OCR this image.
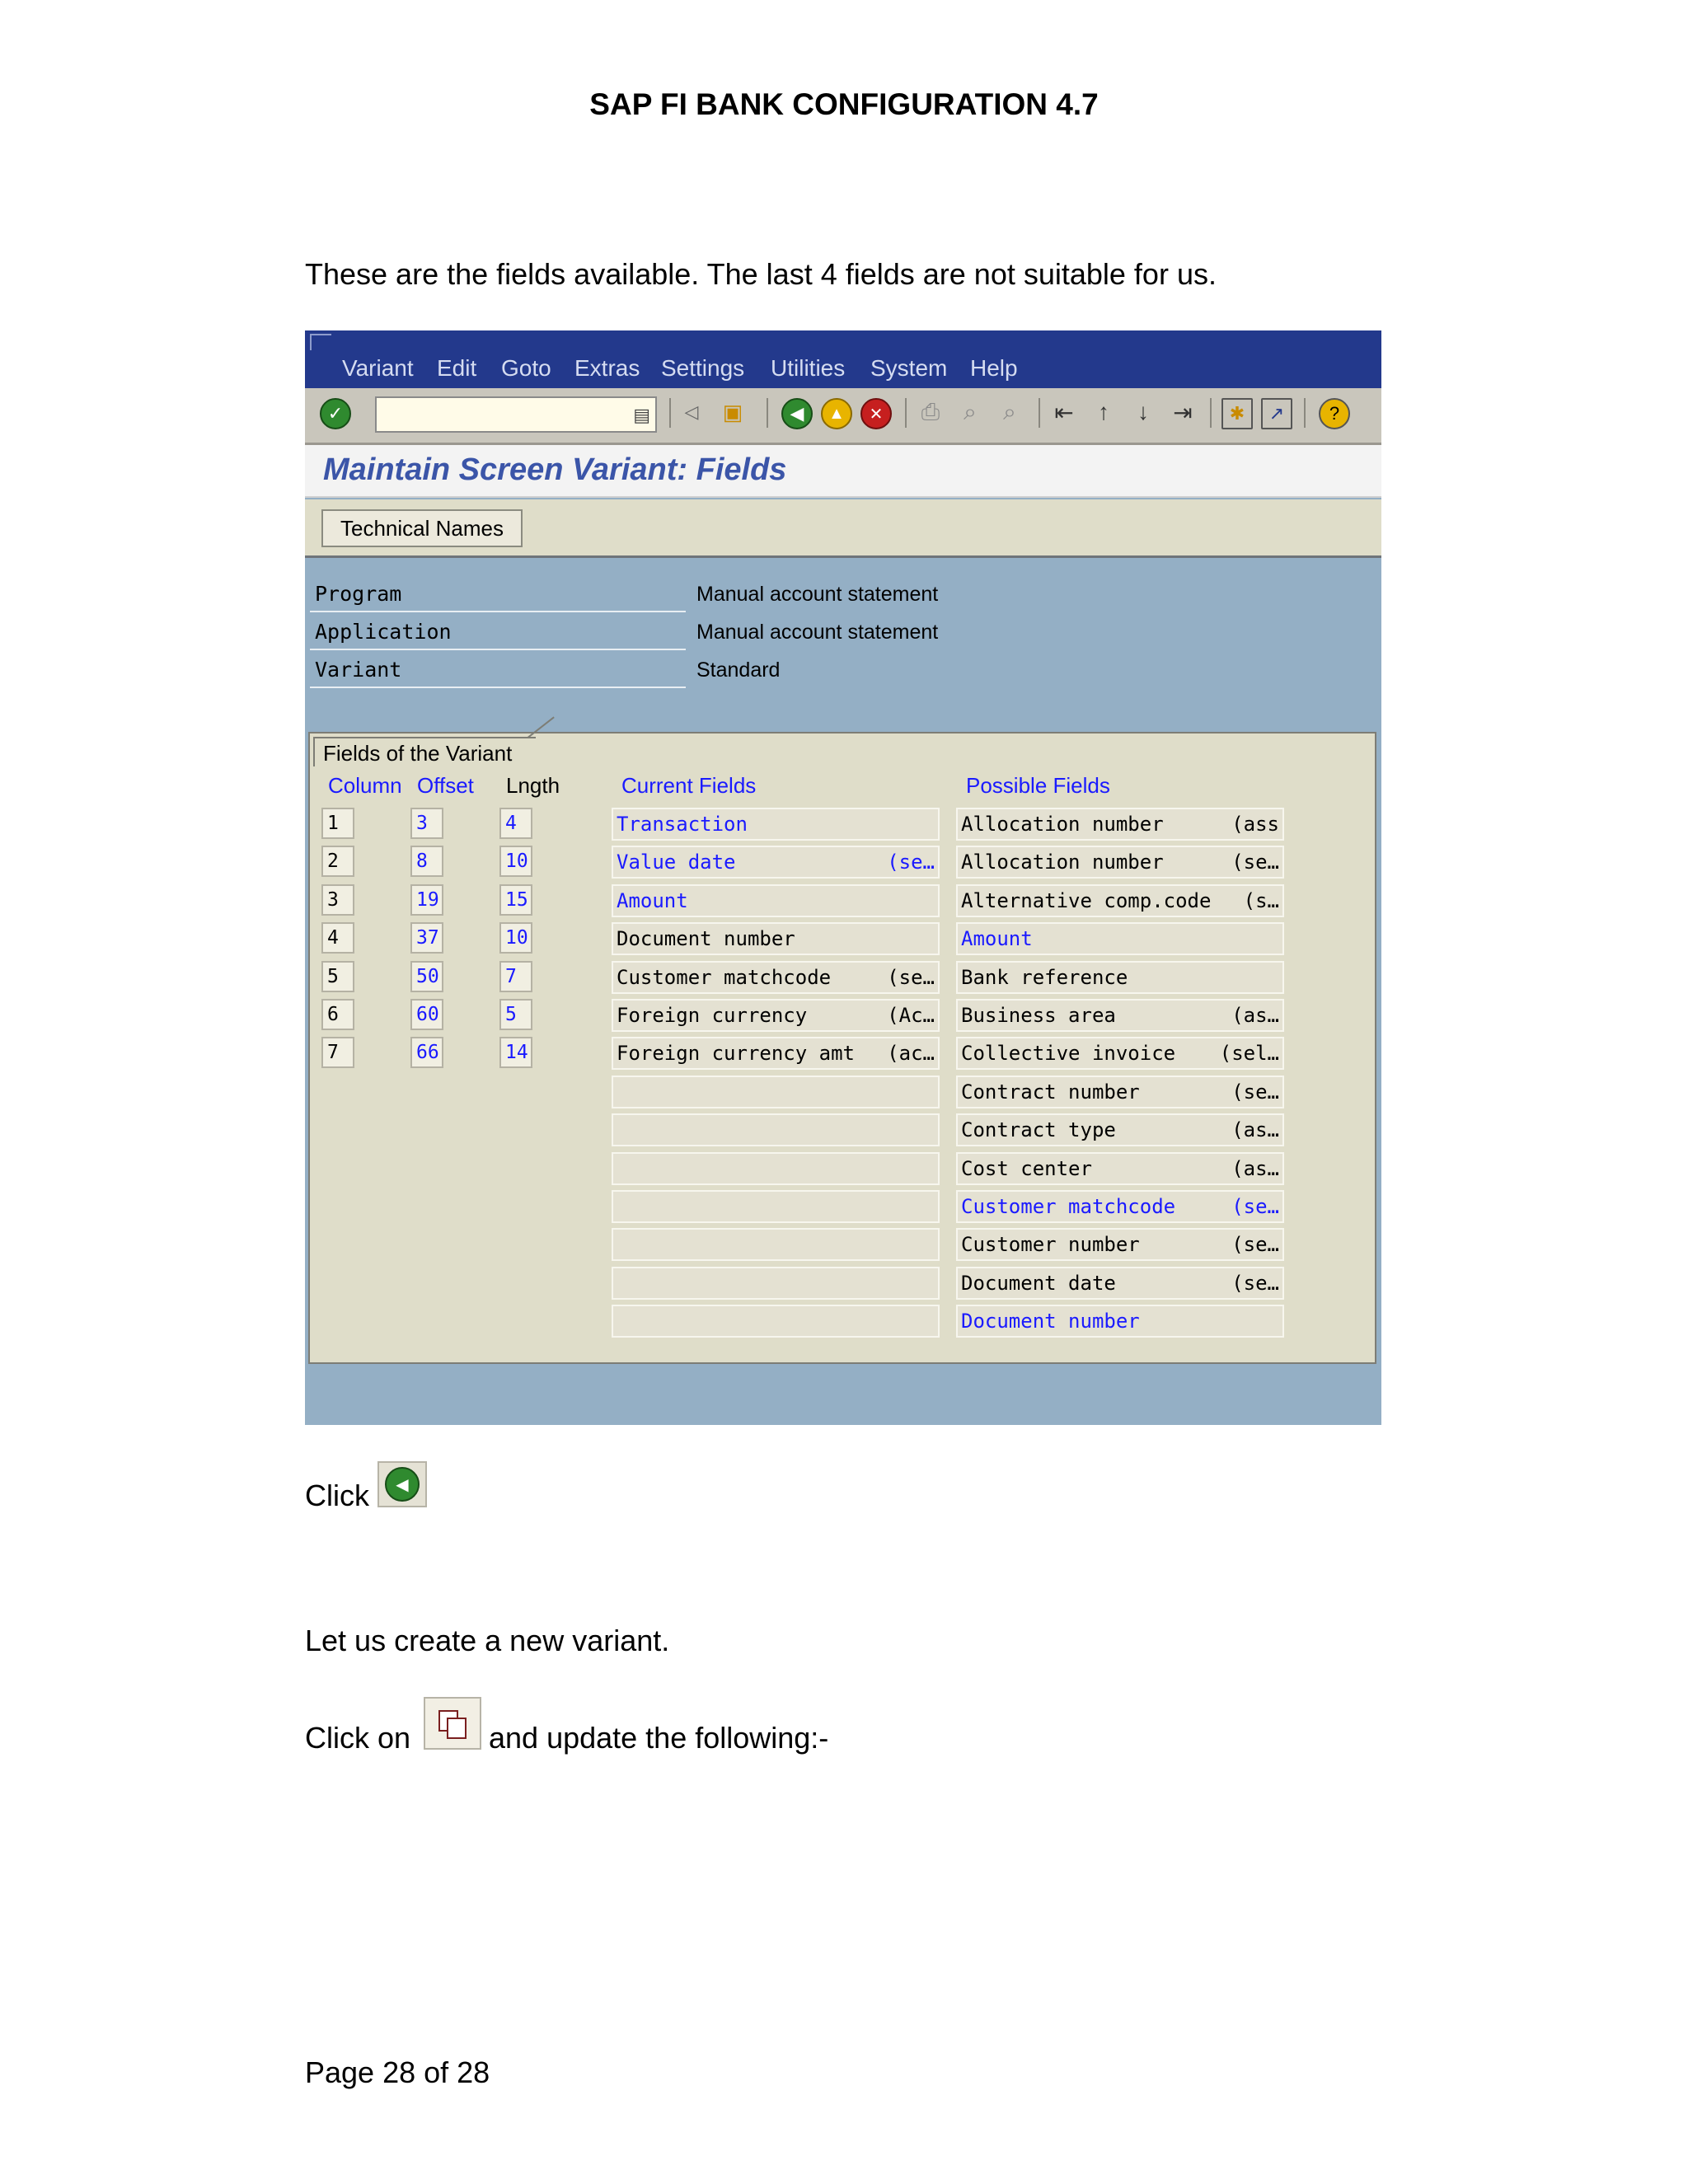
SAP FI BANK CONFIGURATION 4.7
These are the fields available. The last 4 fields are not suitable for us.
Variant Edit Goto Extras Settings Utilities System Help
✓	▤	◁	▣	◀	▲	✕	⎙	⌕	⌕	⇤	↑	↓	⇥	✱	↗	?
Maintain Screen Variant: Fields
Technical Names
Program	Manual account statement
Application	Manual account statement
Variant	Standard
Fields of the Variant
Column Offset Lngth	Current Fields	Possible Fields
1	3	4
2	8	10
3	19	15
4	37	10
5	50	7
6	60	5
7	66	14
Transaction
Value date	(se…
Amount
Document number
Customer matchcode	(se…
Foreign currency	(Ac…
Foreign currency amt (ac…
Allocation number	(ass
Allocation number	(se…
Alternative comp.code (s…
Amount
Bank reference
Business area	(as…
Collective invoice (sel…
Contract number	(se…
Contract type	(as…
Cost center	(as…
Customer matchcode	(se…
Customer number	(se…
Document date	(se…
Document number
Click	◀
Let us create a new variant.
Click on	and update the following:-
Page 28 of 28
